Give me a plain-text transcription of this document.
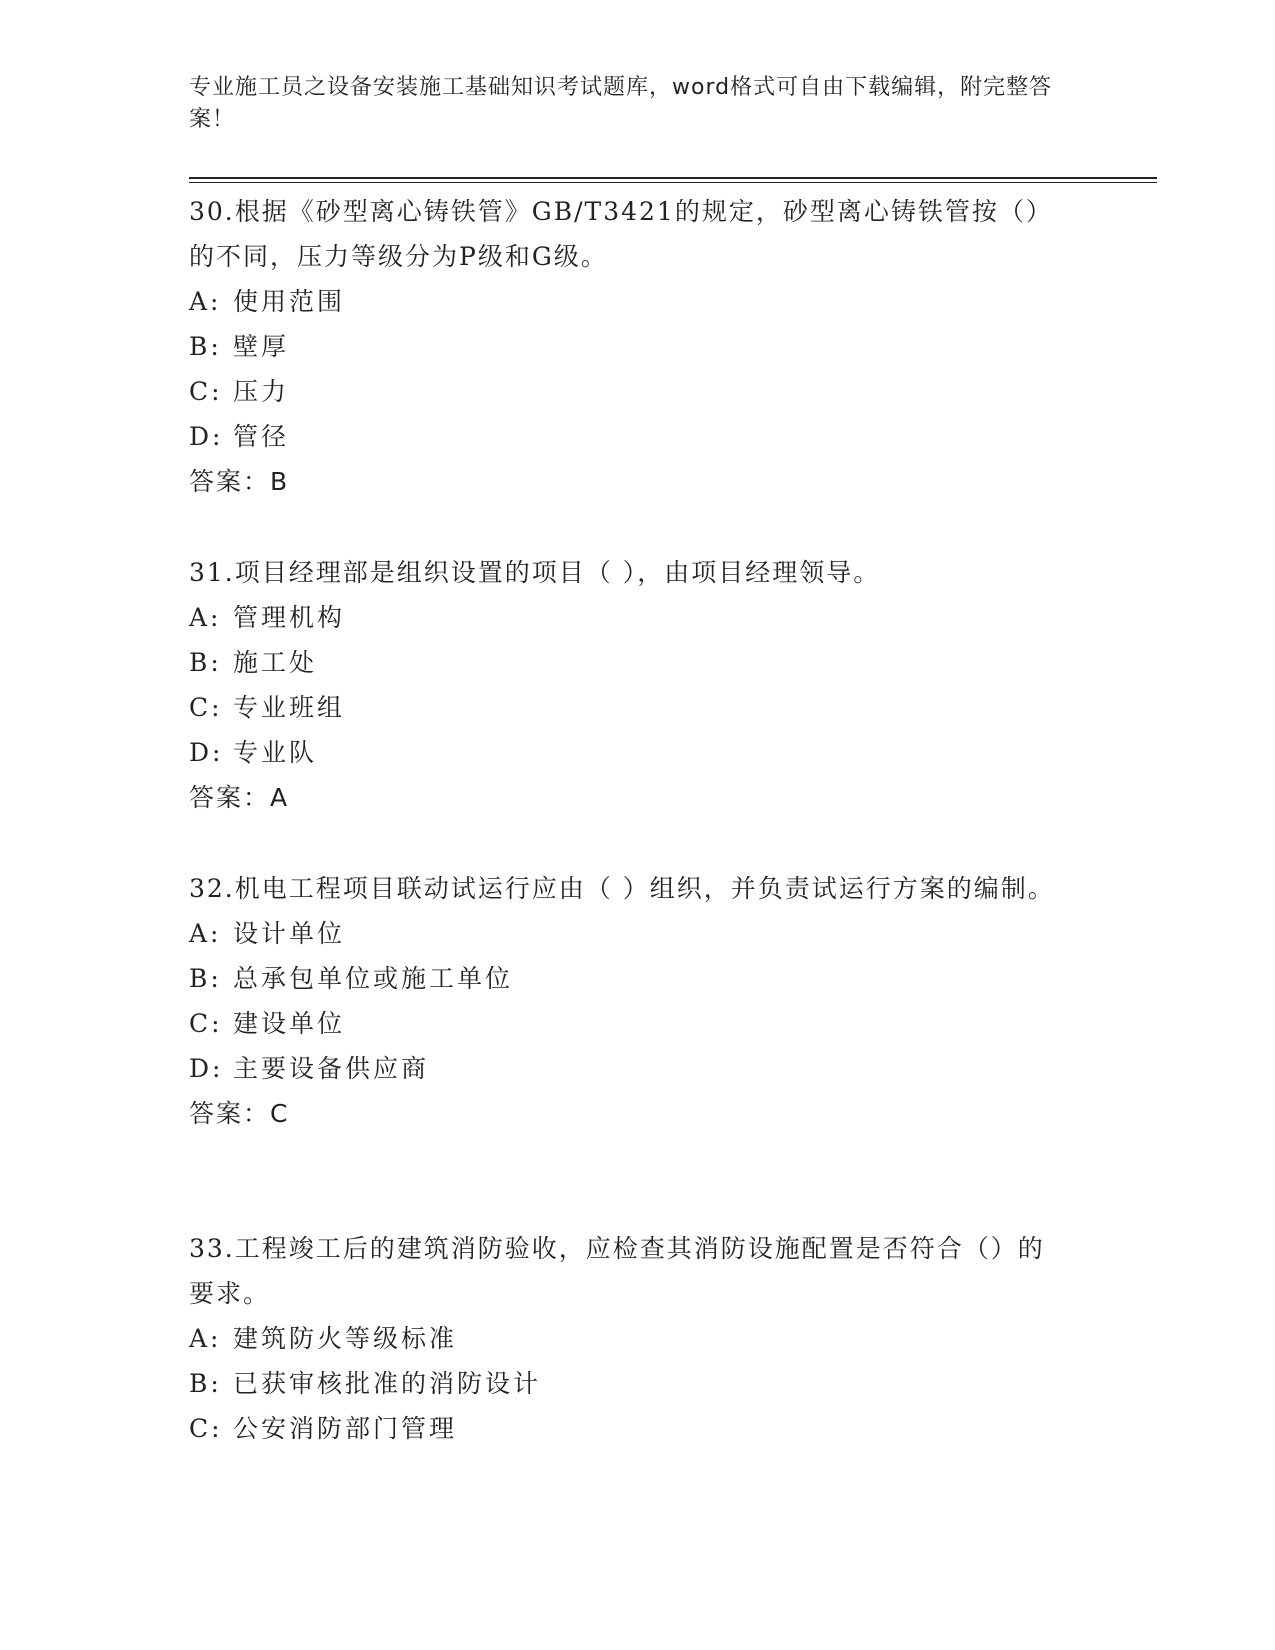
专业施工员之设备安装施工基础知识考试题库，word格式可自由下载编辑，附完整答案！

30.根据《砂型离心铸铁管》GB/T3421的规定，砂型离心铸铁管按（）的不同，压力等级分为P级和G级。

A: 使用范围

B: 壁厚

C: 压力

D: 管径

答案：B

31.项目经理部是组织设置的项目（ ），由项目经理领导。

A: 管理机构

B: 施工处

C: 专业班组

D: 专业队

答案：A

32.机电工程项目联动试运行应由（ ）组织，并负责试运行方案的编制。

A: 设计单位

B: 总承包单位或施工单位

C: 建设单位

D: 主要设备供应商

答案：C

33.工程竣工后的建筑消防验收，应检查其消防设施配置是否符合（）的要求。

A: 建筑防火等级标准

B: 已获审核批准的消防设计

C: 公安消防部门管理
